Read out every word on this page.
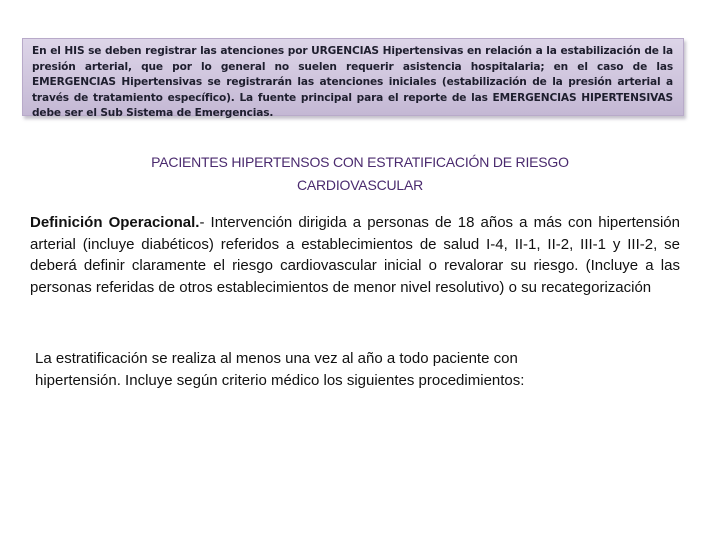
En el HIS se deben registrar las atenciones por URGENCIAS Hipertensivas en relación a la estabilización de la presión arterial, que por lo general no suelen requerir asistencia hospitalaria; en el caso de las EMERGENCIAS Hipertensivas se registrarán las atenciones iniciales (estabilización de la presión arterial a través de tratamiento específico). La fuente principal para el reporte de las EMERGENCIAS HIPERTENSIVAS debe ser el Sub Sistema de Emergencias.

PACIENTES HIPERTENSOS CON ESTRATIFICACIÓN DE RIESGO
CARDIOVASCULAR

Definición Operacional.- Intervención dirigida a personas de 18 años a más con hipertensión arterial (incluye diabéticos) referidos a establecimientos de salud I-4, II-1, II-2, III-1 y III-2, se deberá definir claramente el riesgo cardiovascular inicial o revalorar su riesgo. (Incluye a las personas referidas de otros establecimientos de menor nivel resolutivo) o su recategorización

La estratificación se realiza al menos una vez al año a todo paciente con
hipertensión. Incluye según criterio médico los siguientes procedimientos:
